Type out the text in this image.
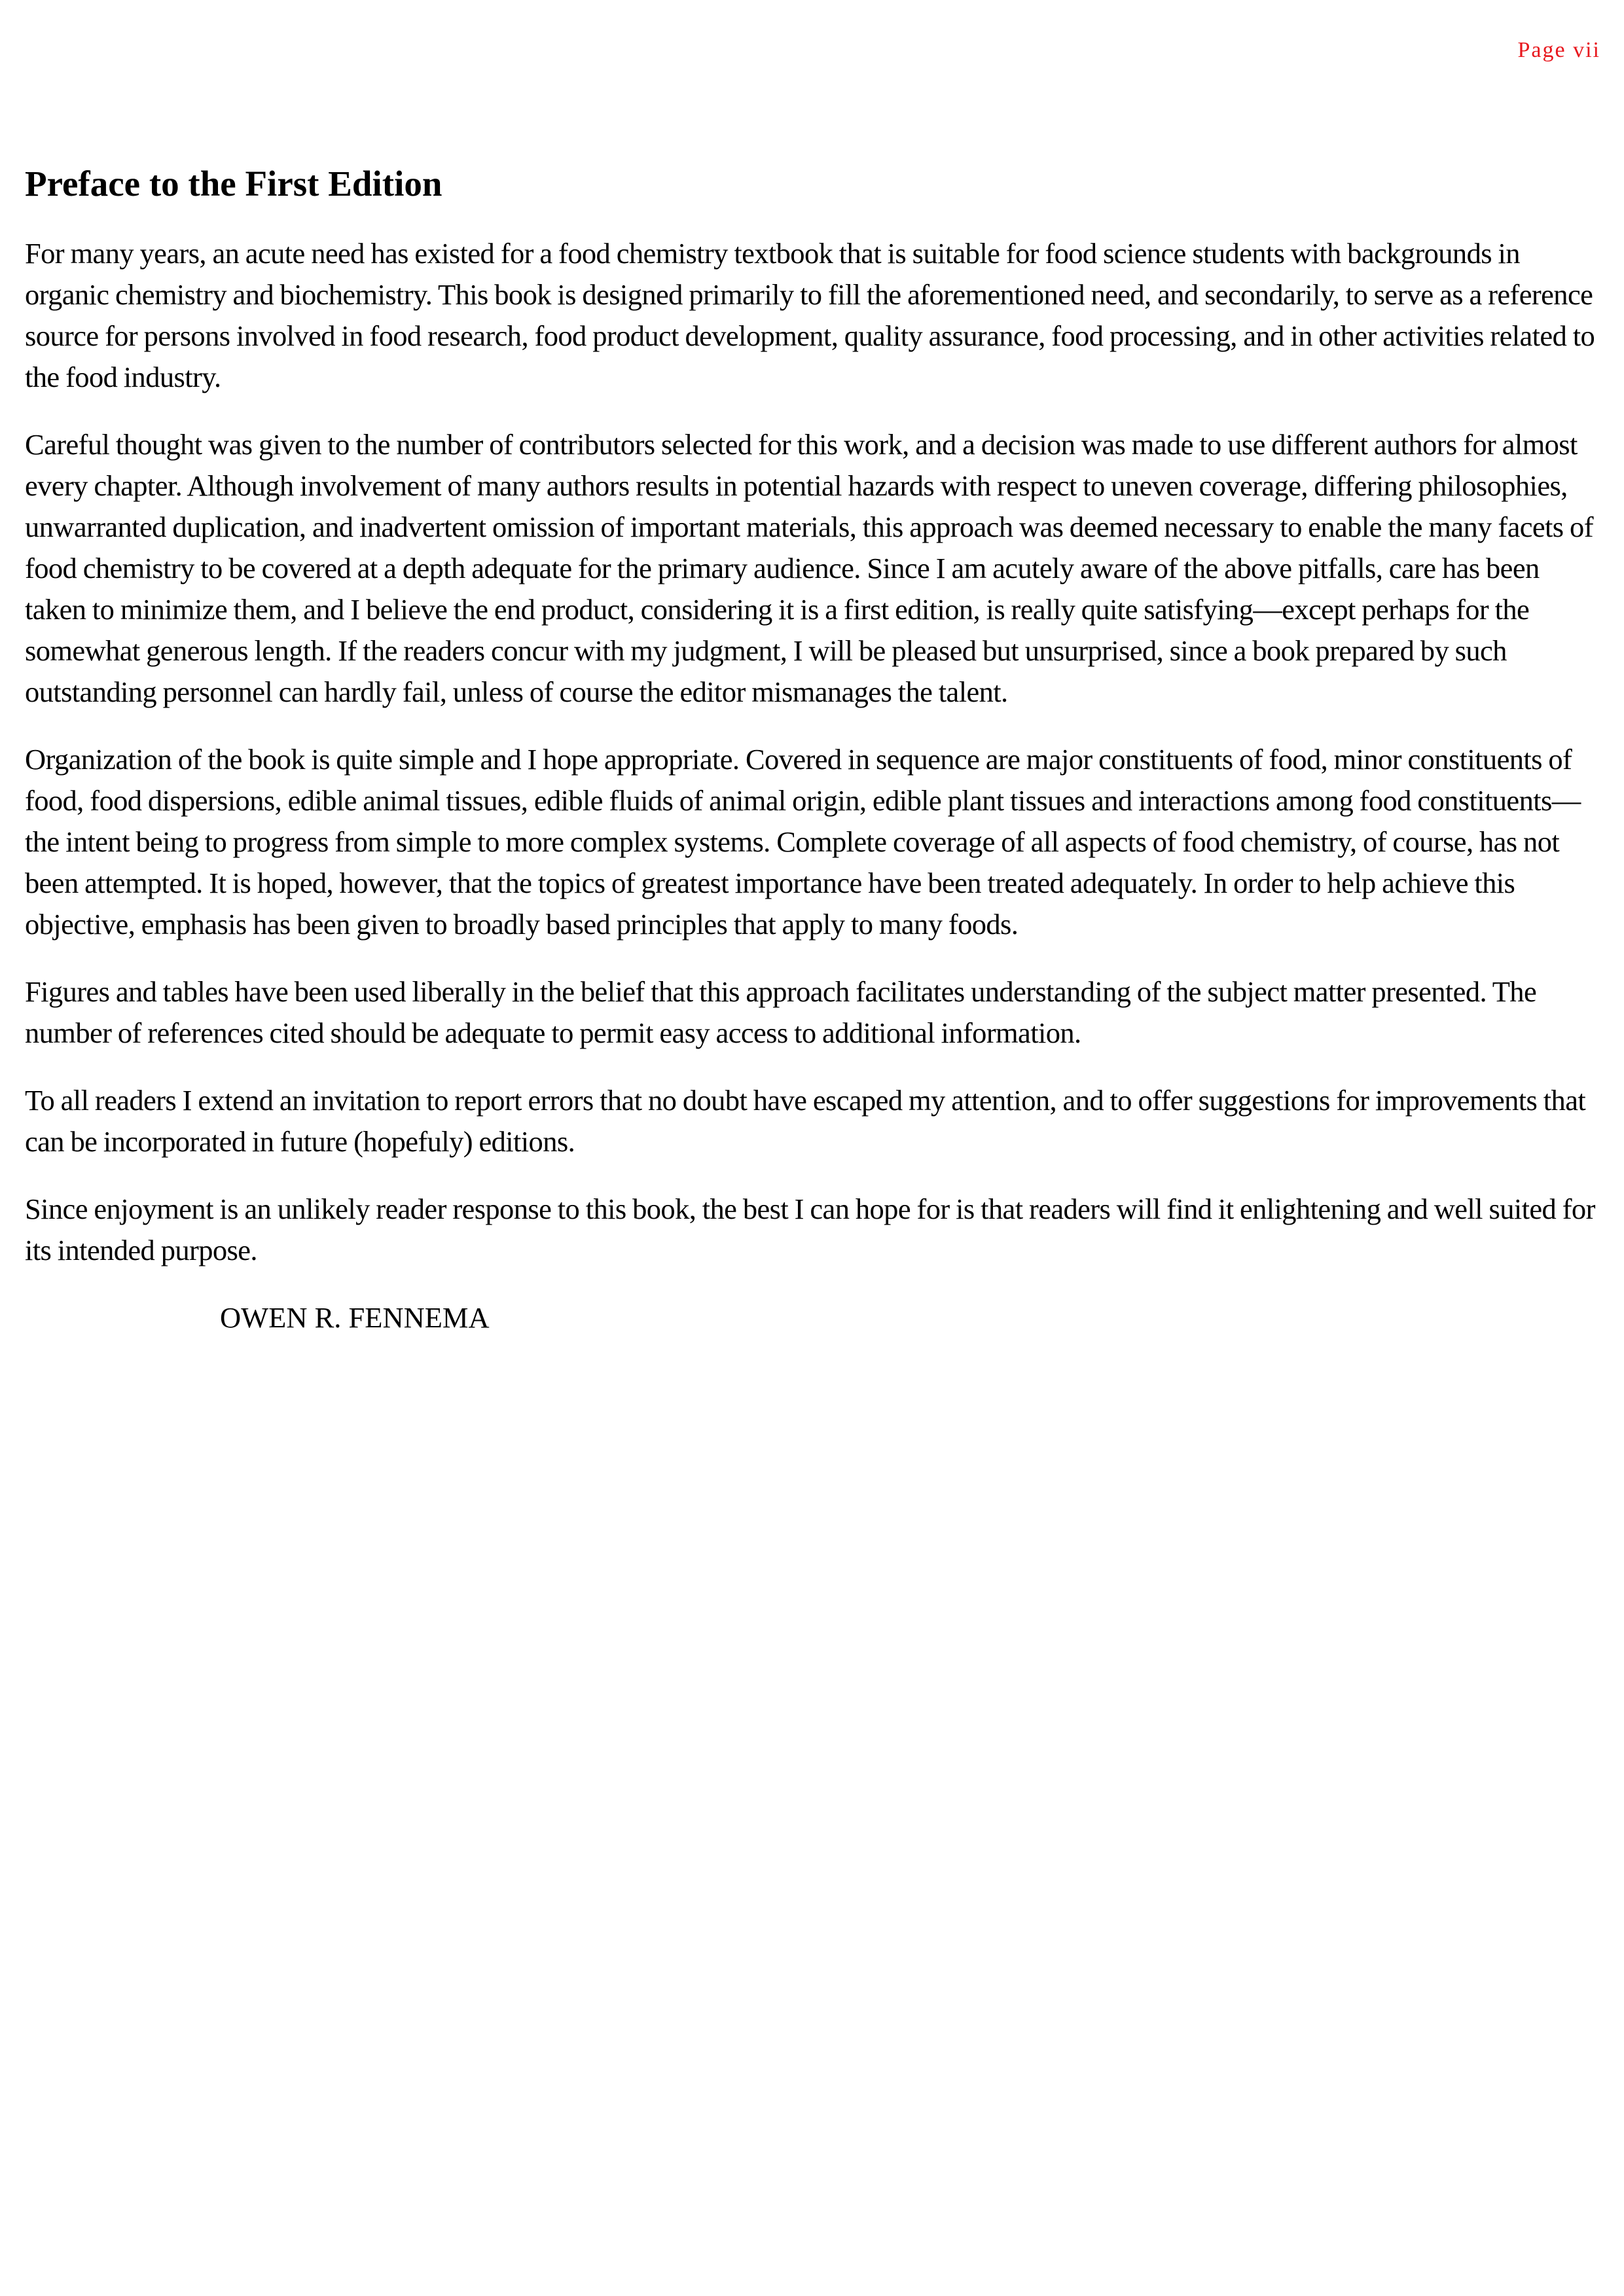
Page vii
Preface to the First Edition

For many years, an acute need has existed for a food chemistry textbook that is suitable for food science students with backgrounds in organic chemistry and biochemistry. This book is designed primarily to fill the aforementioned need, and secondarily, to serve as a reference source for persons involved in food research, food product development, quality assurance, food processing, and in other activities related to the food industry.

Careful thought was given to the number of contributors selected for this work, and a decision was made to use different authors for almost every chapter. Although involvement of many authors results in potential hazards with respect to uneven coverage, differing philosophies, unwarranted duplication, and inadvertent omission of important materials, this approach was deemed necessary to enable the many facets of food chemistry to be covered at a depth adequate for the primary audience. Since I am acutely aware of the above pitfalls, care has been taken to minimize them, and I believe the end product, considering it is a first edition, is really quite satisfying—except perhaps for the somewhat generous length. If the readers concur with my judgment, I will be pleased but unsurprised, since a book prepared by such outstanding personnel can hardly fail, unless of course the editor mismanages the talent.

Organization of the book is quite simple and I hope appropriate. Covered in sequence are major constituents of food, minor constituents of food, food dispersions, edible animal tissues, edible fluids of animal origin, edible plant tissues and interactions among food constituents—the intent being to progress from simple to more complex systems. Complete coverage of all aspects of food chemistry, of course, has not been attempted. It is hoped, however, that the topics of greatest importance have been treated adequately. In order to help achieve this objective, emphasis has been given to broadly based principles that apply to many foods.

Figures and tables have been used liberally in the belief that this approach facilitates understanding of the subject matter presented. The number of references cited should be adequate to permit easy access to additional information.

To all readers I extend an invitation to report errors that no doubt have escaped my attention, and to offer suggestions for improvements that can be incorporated in future (hopefuly) editions.

Since enjoyment is an unlikely reader response to this book, the best I can hope for is that readers will find it enlightening and well suited for its intended purpose.

OWEN R. FENNEMA
